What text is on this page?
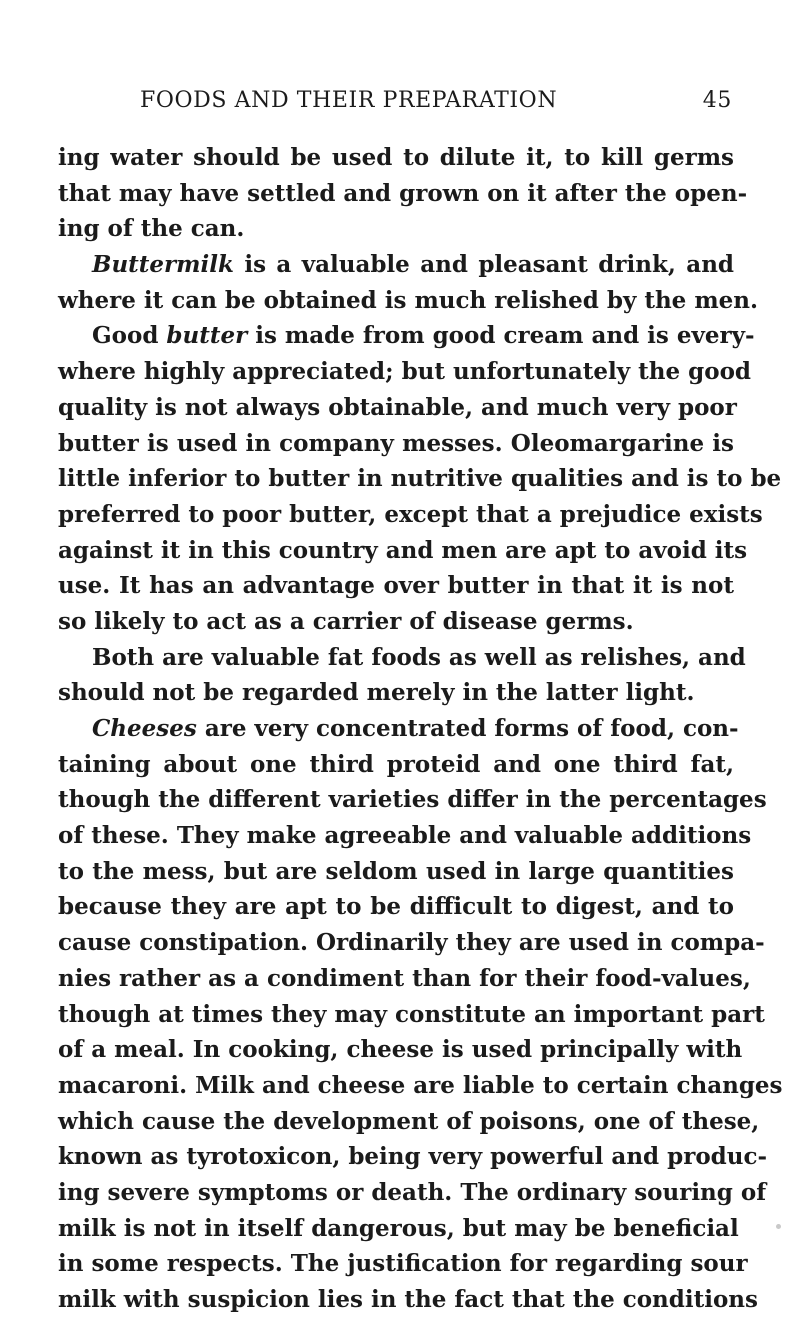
FOODS AND THEIR PREPARATION	45
ing water should be used to dilute it, to kill germs
that may have settled and grown on it after the open-
ing of the can.
Buttermilk is a valuable and pleasant drink, and
where it can be obtained is much relished by the men.
Good butter is made from good cream and is every-
where highly appreciated; but unfortunately the good
quality is not always obtainable, and much very poor
butter is used in company messes. Oleomargarine is
little inferior to butter in nutritive qualities and is to be
preferred to poor butter, except that a prejudice exists
against it in this country and men are apt to avoid its
use. It has an advantage over butter in that it is not
so likely to act as a carrier of disease germs.
Both are valuable fat foods as well as relishes, and
should not be regarded merely in the latter light.
Cheeses are very concentrated forms of food, con-
taining about one third proteid and one third fat,
though the different varieties differ in the percentages
of these. They make agreeable and valuable additions
to the mess, but are seldom used in large quantities
because they are apt to be difficult to digest, and to
cause constipation. Ordinarily they are used in compa-
nies rather as a condiment than for their food-values,
though at times they may constitute an important part
of a meal. In cooking, cheese is used principally with
macaroni. Milk and cheese are liable to certain changes
which cause the development of poisons, one of these,
known as tyrotoxicon, being very powerful and produc-
ing severe symptoms or death. The ordinary souring of
milk is not in itself dangerous, but may be beneficial
in some respects. The justification for regarding sour
milk with suspicion lies in the fact that the conditions
